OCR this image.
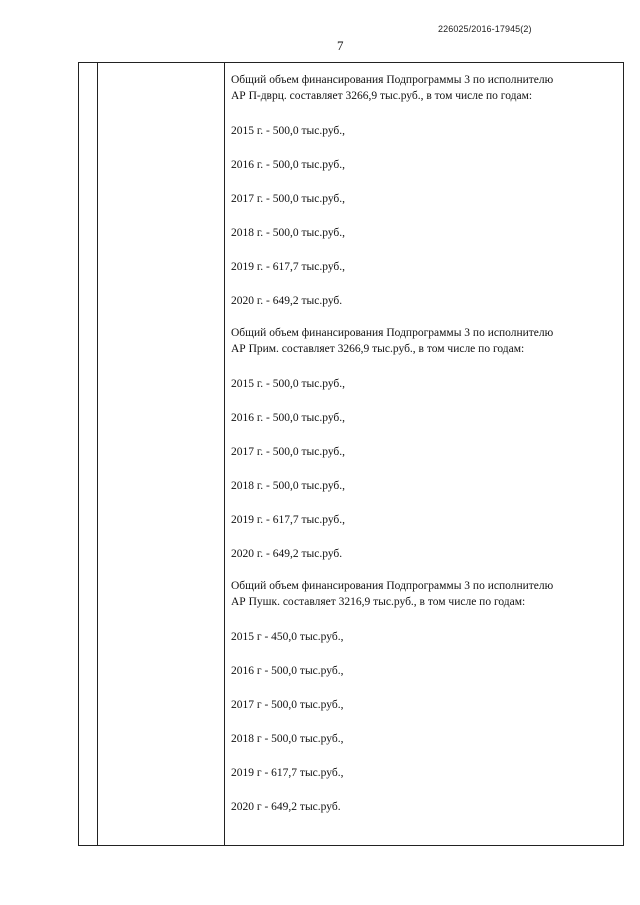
226025/2016-17945(2)
7
Общий объем финансирования Подпрограммы 3 по исполнителю
АР П-дврц. составляет 3266,9 тыс.руб., в том числе по годам:
2015 г. - 500,0 тыс.руб.,
2016 г. - 500,0 тыс.руб.,
2017 г. - 500,0 тыс.руб.,
2018 г. - 500,0 тыс.руб.,
2019 г. - 617,7 тыс.руб.,
2020 г. - 649,2 тыс.руб.
Общий объем финансирования Подпрограммы 3 по исполнителю
АР Прим. составляет 3266,9 тыс.руб., в том числе по годам:
2015 г. - 500,0 тыс.руб.,
2016 г. - 500,0 тыс.руб.,
2017 г. - 500,0 тыс.руб.,
2018 г. - 500,0 тыс.руб.,
2019 г. - 617,7 тыс.руб.,
2020 г. - 649,2 тыс.руб.
Общий объем финансирования Подпрограммы 3 по исполнителю
АР Пушк. составляет 3216,9 тыс.руб., в том числе по годам:
2015 г - 450,0 тыс.руб.,
2016 г - 500,0 тыс.руб.,
2017 г - 500,0 тыс.руб.,
2018 г - 500,0 тыс.руб.,
2019 г - 617,7 тыс.руб.,
2020 г - 649,2 тыс.руб.
